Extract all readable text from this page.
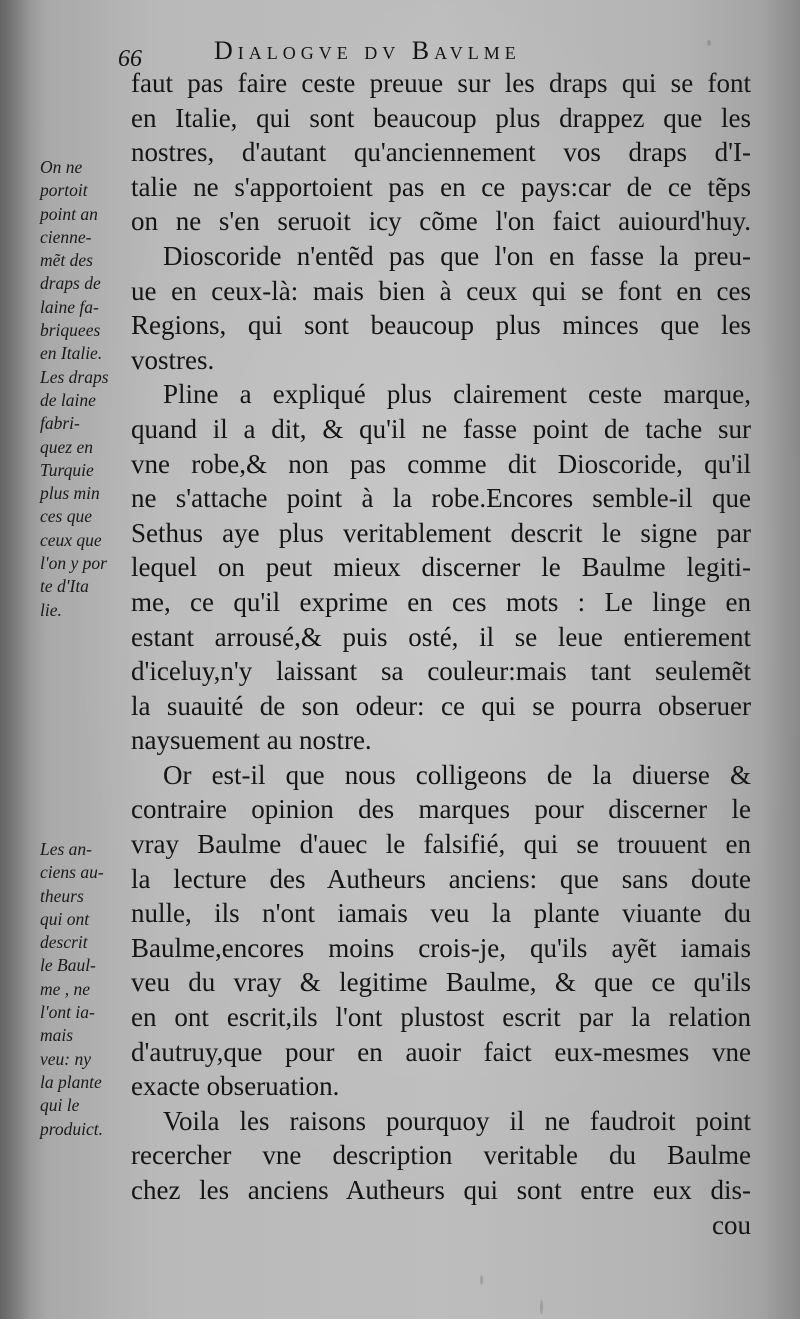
66	Dialogve dv Bavlme
On ne
portoit
point an
cienne-
mẽt des
draps de
laine fa-
briquees
en Italie.
Les draps
de laine
fabri-
quez en
Turquie
plus min
ces que
ceux que
l'on y por
te d'Ita
lie.
Les an-
ciens au-
theurs
qui ont
descrit
le Baul-
me , ne
l'ont ia-
mais
veu: ny
la plante
qui le
produict.
faut pas faire ceste preuue sur les draps qui se font
en Italie, qui sont beaucoup plus drappez que les
nostres, d'autant qu'anciennement vos draps d'I-
talie ne s'apportoient pas en ce pays:car de ce tẽps
on ne s'en seruoit icy cõme l'on faict auiourd'huy.
Dioscoride n'entẽd pas que l'on en fasse la preu-
ue en ceux-là: mais bien à ceux qui se font en ces
Regions, qui sont beaucoup plus minces que les
vostres.
Pline a expliqué plus clairement ceste marque,
quand il a dit, & qu'il ne fasse point de tache sur
vne robe,& non pas comme dit Dioscoride, qu'il
ne s'attache point à la robe.Encores semble-il que
Sethus aye plus veritablement descrit le signe par
lequel on peut mieux discerner le Baulme legiti-
me, ce qu'il exprime en ces mots : Le linge en
estant arrousé,& puis osté, il se leue entierement
d'iceluy,n'y laissant sa couleur:mais tant seulemẽt
la suauité de son odeur: ce qui se pourra obseruer
naysuement au nostre.
Or est-il que nous colligeons de la diuerse &
contraire opinion des marques pour discerner le
vray Baulme d'auec le falsifié, qui se trouuent en
la lecture des Autheurs anciens: que sans doute
nulle, ils n'ont iamais veu la plante viuante du
Baulme,encores moins crois-je, qu'ils ayẽt iamais
veu du vray & legitime Baulme, & que ce qu'ils
en ont escrit,ils l'ont plustost escrit par la relation
d'autruy,que pour en auoir faict eux-mesmes vne
exacte obseruation.
Voila les raisons pourquoy il ne faudroit point
recercher vne description veritable du Baulme
chez les anciens Autheurs qui sont entre eux dis-
cou
